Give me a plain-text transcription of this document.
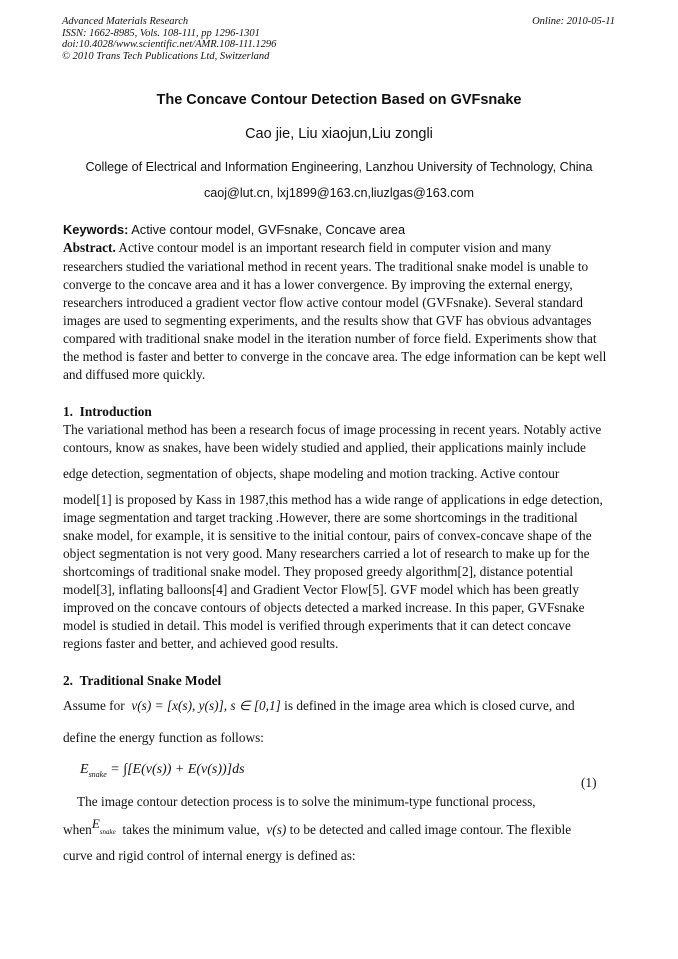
Advanced Materials Research
ISSN: 1662-8985, Vols. 108-111, pp 1296-1301
doi:10.4028/www.scientific.net/AMR.108-111.1296
© 2010 Trans Tech Publications Ltd, Switzerland
Online: 2010-05-11
The Concave Contour Detection Based on GVFsnake
Cao jie, Liu xiaojun,Liu zongli
College of Electrical and Information Engineering, Lanzhou University of Technology, China
caoj@lut.cn, lxj1899@163.cn,liuzlgas@163.com
Keywords: Active contour model, GVFsnake, Concave area
Abstract. Active contour model is an important research field in computer vision and many
researchers studied the variational method in recent years. The traditional snake model is unable to
converge to the concave area and it has a lower convergence. By improving the external energy,
researchers introduced a gradient vector flow active contour model (GVFsnake). Several standard
images are used to segmenting experiments, and the results show that GVF has obvious advantages
compared with traditional snake model in the iteration number of force field. Experiments show that
the method is faster and better to converge in the concave area. The edge information can be kept well
and diffused more quickly.
1. Introduction
The variational method has been a research focus of image processing in recent years. Notably active
contours, know as snakes, have been widely studied and applied, their applications mainly include
edge detection, segmentation of objects, shape modeling and motion tracking. Active contour
model[1] is proposed by Kass in 1987,this method has a wide range of applications in edge detection,
image segmentation and target tracking .However, there are some shortcomings in the traditional
snake model, for example, it is sensitive to the initial contour, pairs of convex-concave shape of the
object segmentation is not very good. Many researchers carried a lot of research to make up for the
shortcomings of traditional snake model. They proposed greedy algorithm[2], distance potential
model[3], inflating balloons[4] and Gradient Vector Flow[5]. GVF model which has been greatly
improved on the concave contours of objects detected a marked increase. In this paper, GVFsnake
model is studied in detail. This model is verified through experiments that it can detect concave
regions faster and better, and achieved good results.
2. Traditional Snake Model
Assume for v(s) = [x(s), y(s)], s ∈ [0,1] is defined in the image area which is closed curve, and
define the energy function as follows:
$E_{snake} = \int[E(v(s)) + E(v(s))]ds$
(1)
The image contour detection process is to solve the minimum-type functional process,
whenE$_{snake}$ takes the minimum value, v(s) to be detected and called image contour. The flexible
curve and rigid control of internal energy is defined as:
